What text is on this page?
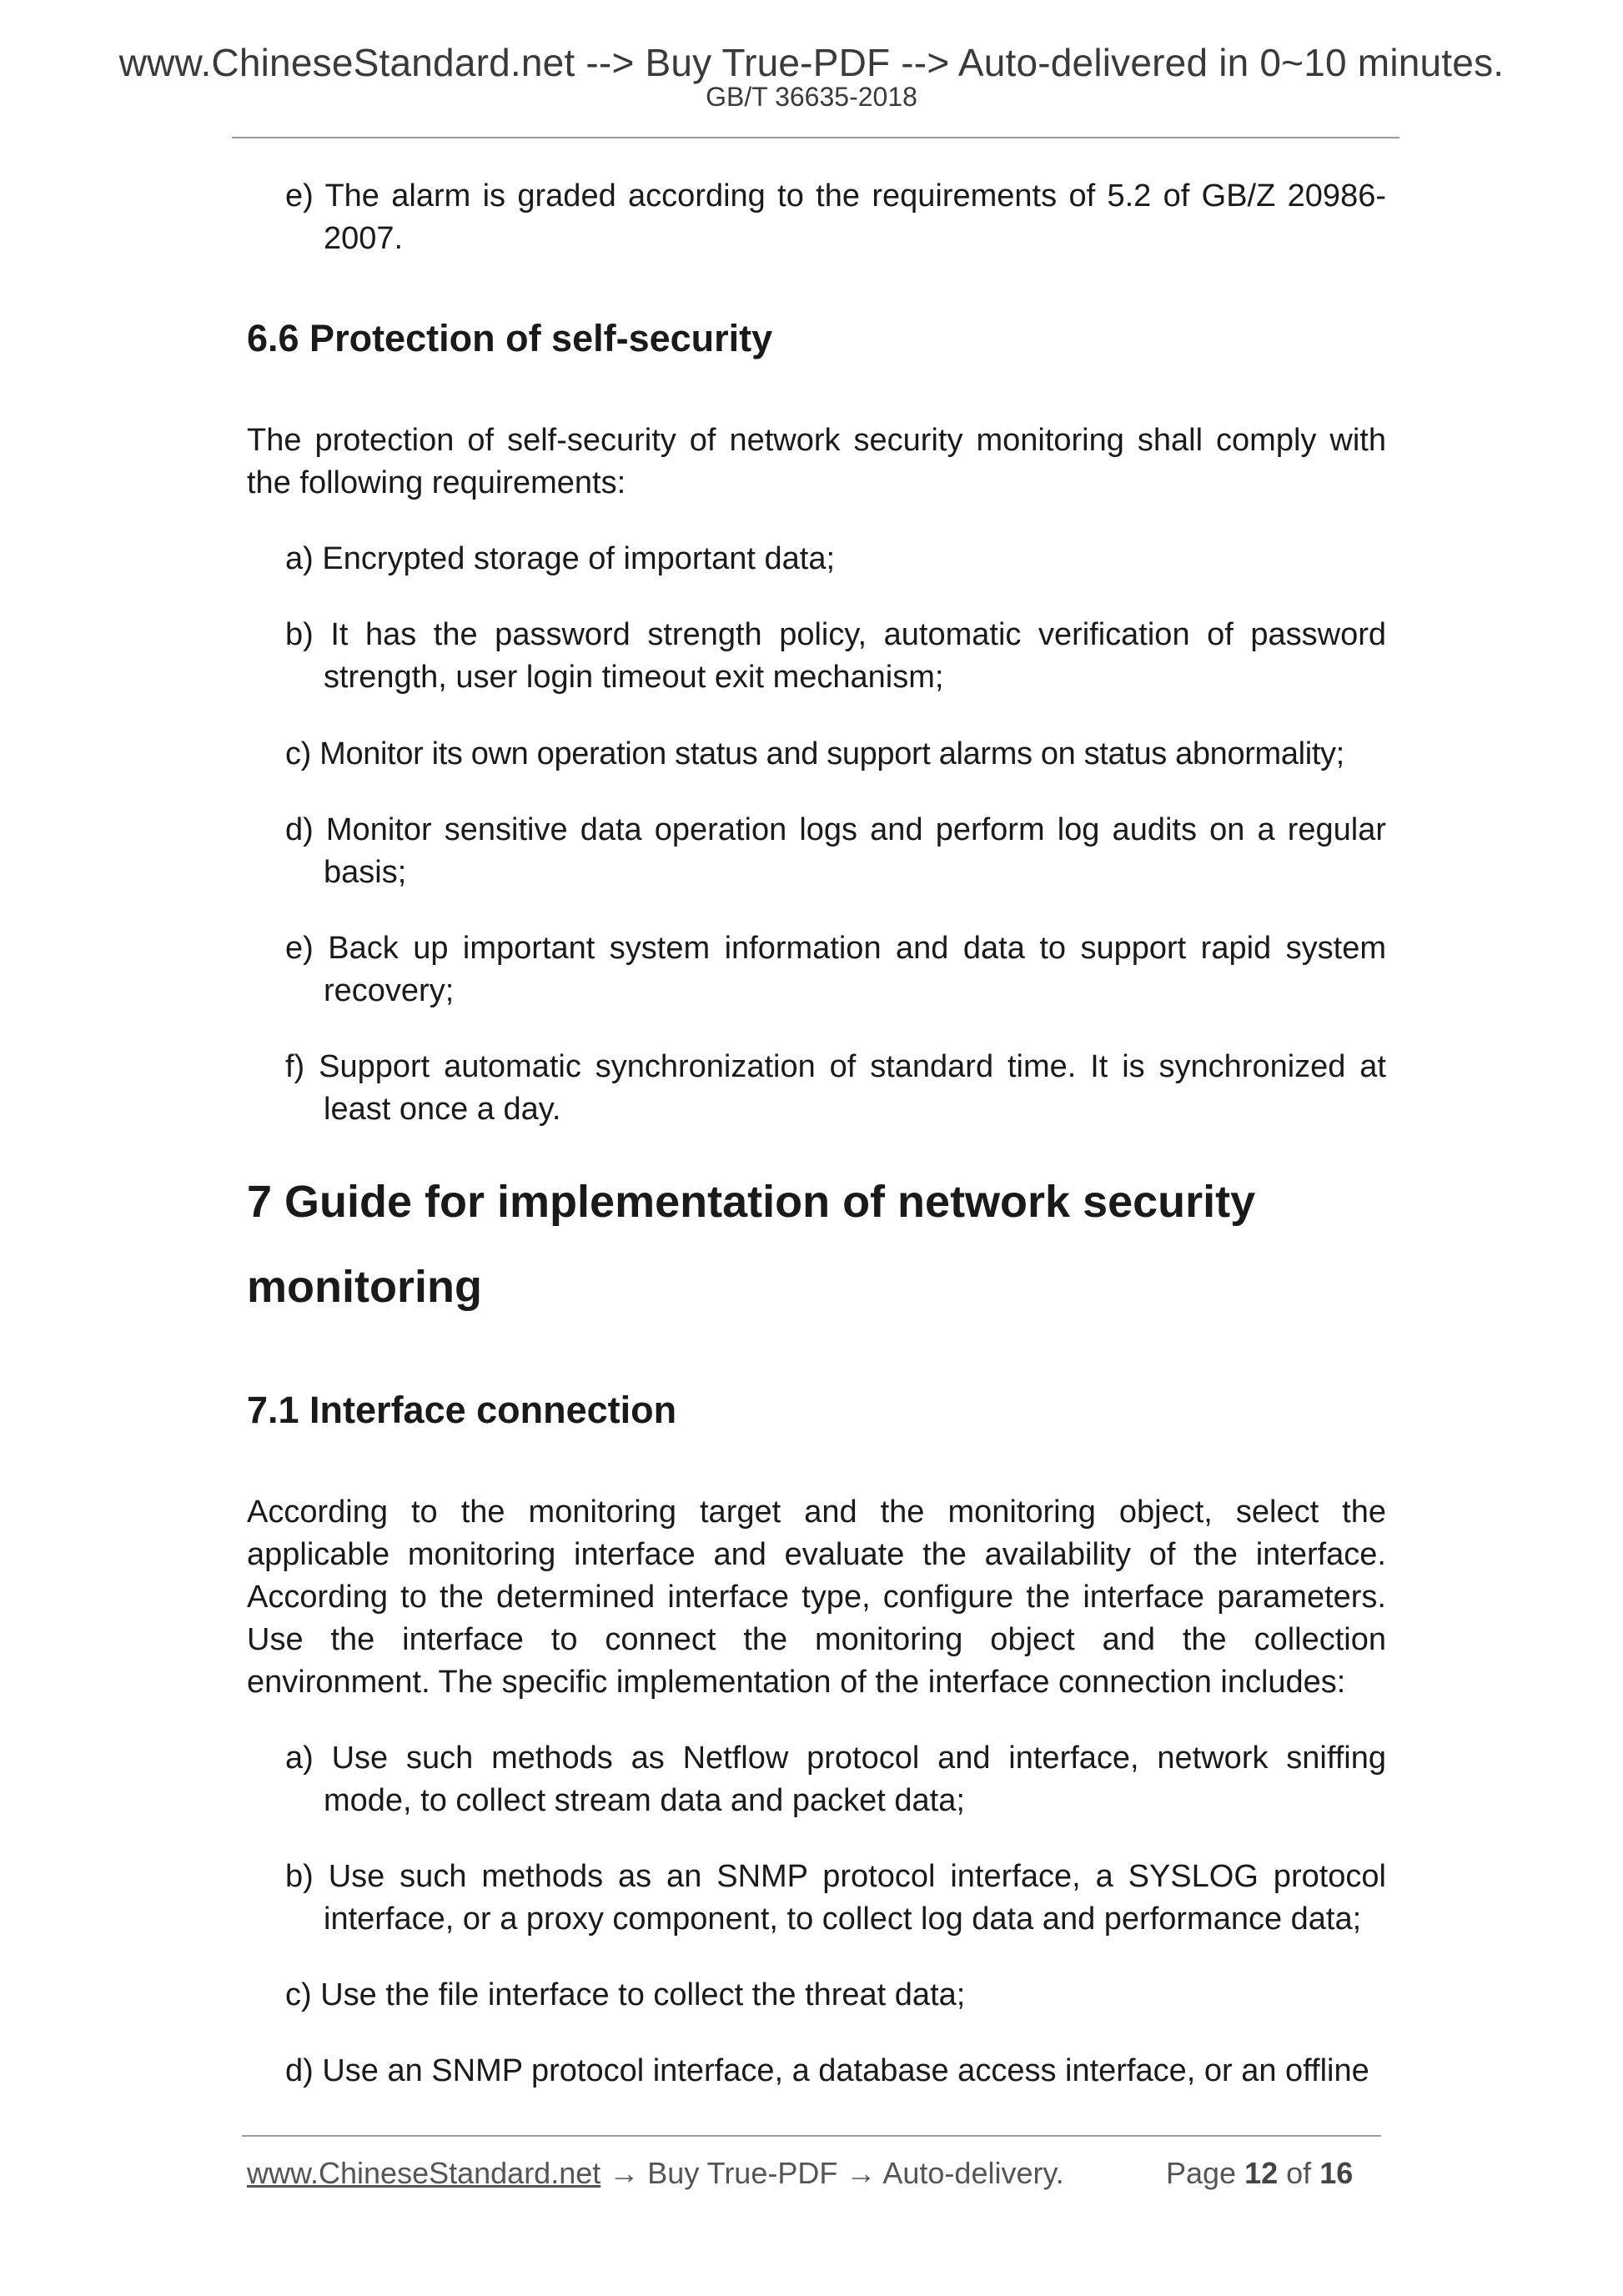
www.ChineseStandard.net --> Buy True-PDF --> Auto-delivered in 0~10 minutes.
GB/T 36635-2018
e) The alarm is graded according to the requirements of 5.2 of GB/Z 20986-2007.
6.6 Protection of self-security
The protection of self-security of network security monitoring shall comply with the following requirements:
a) Encrypted storage of important data;
b) It has the password strength policy, automatic verification of password strength, user login timeout exit mechanism;
c) Monitor its own operation status and support alarms on status abnormality;
d) Monitor sensitive data operation logs and perform log audits on a regular basis;
e) Back up important system information and data to support rapid system recovery;
f) Support automatic synchronization of standard time. It is synchronized at least once a day.
7 Guide for implementation of network security
monitoring
7.1 Interface connection
According to the monitoring target and the monitoring object, select the applicable monitoring interface and evaluate the availability of the interface. According to the determined interface type, configure the interface parameters. Use the interface to connect the monitoring object and the collection environment. The specific implementation of the interface connection includes:
a) Use such methods as Netflow protocol and interface, network sniffing mode, to collect stream data and packet data;
b) Use such methods as an SNMP protocol interface, a SYSLOG protocol interface, or a proxy component, to collect log data and performance data;
c) Use the file interface to collect the threat data;
d) Use an SNMP protocol interface, a database access interface, or an offline
www.ChineseStandard.net → Buy True-PDF → Auto-delivery.	Page 12 of 16
